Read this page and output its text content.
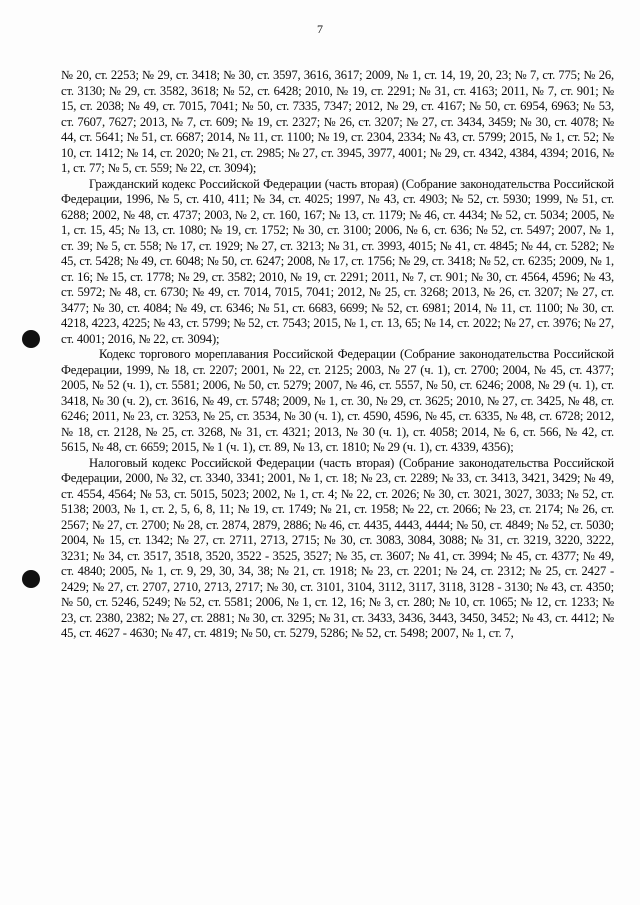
7

№ 20, ст. 2253; № 29, ст. 3418; № 30, ст. 3597, 3616, 3617; 2009, № 1, ст. 14, 19, 20, 23; № 7, ст. 775; № 26, ст. 3130; № 29, ст. 3582, 3618; № 52, ст. 6428; 2010, № 19, ст. 2291; № 31, ст. 4163; 2011, № 7, ст. 901; № 15, ст. 2038; № 49, ст. 7015, 7041; № 50, ст. 7335, 7347; 2012, № 29, ст. 4167; № 50, ст. 6954, 6963; № 53, ст. 7607, 7627; 2013, № 7, ст. 609; № 19, ст. 2327; № 26, ст. 3207; № 27, ст. 3434, 3459; № 30, ст. 4078; № 44, ст. 5641; № 51, ст. 6687; 2014, № 11, ст. 1100; № 19, ст. 2304, 2334; № 43, ст. 5799; 2015, № 1, ст. 52; № 10, ст. 1412; № 14, ст. 2020; № 21, ст. 2985; № 27, ст. 3945, 3977, 4001; № 29, ст. 4342, 4384, 4394; 2016, № 1, ст. 77; № 5, ст. 559; № 22, ст. 3094);

Гражданский кодекс Российской Федерации (часть вторая) (Собрание законодательства Российской Федерации, 1996, № 5, ст. 410, 411; № 34, ст. 4025; 1997, № 43, ст. 4903; № 52, ст. 5930; 1999, № 51, ст. 6288; 2002, № 48, ст. 4737; 2003, № 2, ст. 160, 167; № 13, ст. 1179; № 46, ст. 4434; № 52, ст. 5034; 2005, № 1, ст. 15, 45; № 13, ст. 1080; № 19, ст. 1752; № 30, ст. 3100; 2006, № 6, ст. 636; № 52, ст. 5497; 2007, № 1, ст. 39; № 5, ст. 558; № 17, ст. 1929; № 27, ст. 3213; № 31, ст. 3993, 4015; № 41, ст. 4845; № 44, ст. 5282; № 45, ст. 5428; № 49, ст. 6048; № 50, ст. 6247; 2008, № 17, ст. 1756; № 29, ст. 3418; № 52, ст. 6235; 2009, № 1, ст. 16; № 15, ст. 1778; № 29, ст. 3582; 2010, № 19, ст. 2291; 2011, № 7, ст. 901; № 30, ст. 4564, 4596; № 43, ст. 5972; № 48, ст. 6730; № 49, ст. 7014, 7015, 7041; 2012, № 25, ст. 3268; 2013, № 26, ст. 3207; № 27, ст. 3477; № 30, ст. 4084; № 49, ст. 6346; № 51, ст. 6683, 6699; № 52, ст. 6981; 2014, № 11, ст. 1100; № 30, ст. 4218, 4223, 4225; № 43, ст. 5799; № 52, ст. 7543; 2015, № 1, ст. 13, 65; № 14, ст. 2022; № 27, ст. 3976; № 27, ст. 4001; 2016, № 22, ст. 3094);

Кодекс торгового мореплавания Российской Федерации (Собрание законодательства Российской Федерации, 1999, № 18, ст. 2207; 2001, № 22, ст. 2125; 2003, № 27 (ч. 1), ст. 2700; 2004, № 45, ст. 4377; 2005, № 52 (ч. 1), ст. 5581; 2006, № 50, ст. 5279; 2007, № 46, ст. 5557, № 50, ст. 6246; 2008, № 29 (ч. 1), ст. 3418, № 30 (ч. 2), ст. 3616, № 49, ст. 5748; 2009, № 1, ст. 30, № 29, ст. 3625; 2010, № 27, ст. 3425, № 48, ст. 6246; 2011, № 23, ст. 3253, № 25, ст. 3534, № 30 (ч. 1), ст. 4590, 4596, № 45, ст. 6335, № 48, ст. 6728; 2012, № 18, ст. 2128, № 25, ст. 3268, № 31, ст. 4321; 2013, № 30 (ч. 1), ст. 4058; 2014, № 6, ст. 566, № 42, ст. 5615, № 48, ст. 6659; 2015, № 1 (ч. 1), ст. 89, № 13, ст. 1810; № 29 (ч. 1), ст. 4339, 4356);

Налоговый кодекс Российской Федерации (часть вторая) (Собрание законодательства Российской Федерации, 2000, № 32, ст. 3340, 3341; 2001, № 1, ст. 18; № 23, ст. 2289; № 33, ст. 3413, 3421, 3429; № 49, ст. 4554, 4564; № 53, ст. 5015, 5023; 2002, № 1, ст. 4; № 22, ст. 2026; № 30, ст. 3021, 3027, 3033; № 52, ст. 5138; 2003, № 1, ст. 2, 5, 6, 8, 11; № 19, ст. 1749; № 21, ст. 1958; № 22, ст. 2066; № 23, ст. 2174; № 26, ст. 2567; № 27, ст. 2700; № 28, ст. 2874, 2879, 2886; № 46, ст. 4435, 4443, 4444; № 50, ст. 4849; № 52, ст. 5030; 2004, № 15, ст. 1342; № 27, ст. 2711, 2713, 2715; № 30, ст. 3083, 3084, 3088; № 31, ст. 3219, 3220, 3222, 3231; № 34, ст. 3517, 3518, 3520, 3522 - 3525, 3527; № 35, ст. 3607; № 41, ст. 3994; № 45, ст. 4377; № 49, ст. 4840; 2005, № 1, ст. 9, 29, 30, 34, 38; № 21, ст. 1918; № 23, ст. 2201; № 24, ст. 2312; № 25, ст. 2427 - 2429; № 27, ст. 2707, 2710, 2713, 2717; № 30, ст. 3101, 3104, 3112, 3117, 3118, 3128 - 3130; № 43, ст. 4350; № 50, ст. 5246, 5249; № 52, ст. 5581; 2006, № 1, ст. 12, 16; № 3, ст. 280; № 10, ст. 1065; № 12, ст. 1233; № 23, ст. 2380, 2382; № 27, ст. 2881; № 30, ст. 3295; № 31, ст. 3433, 3436, 3443, 3450, 3452; № 43, ст. 4412; № 45, ст. 4627 - 4630; № 47, ст. 4819; № 50, ст. 5279, 5286; № 52, ст. 5498; 2007, № 1, ст. 7,
